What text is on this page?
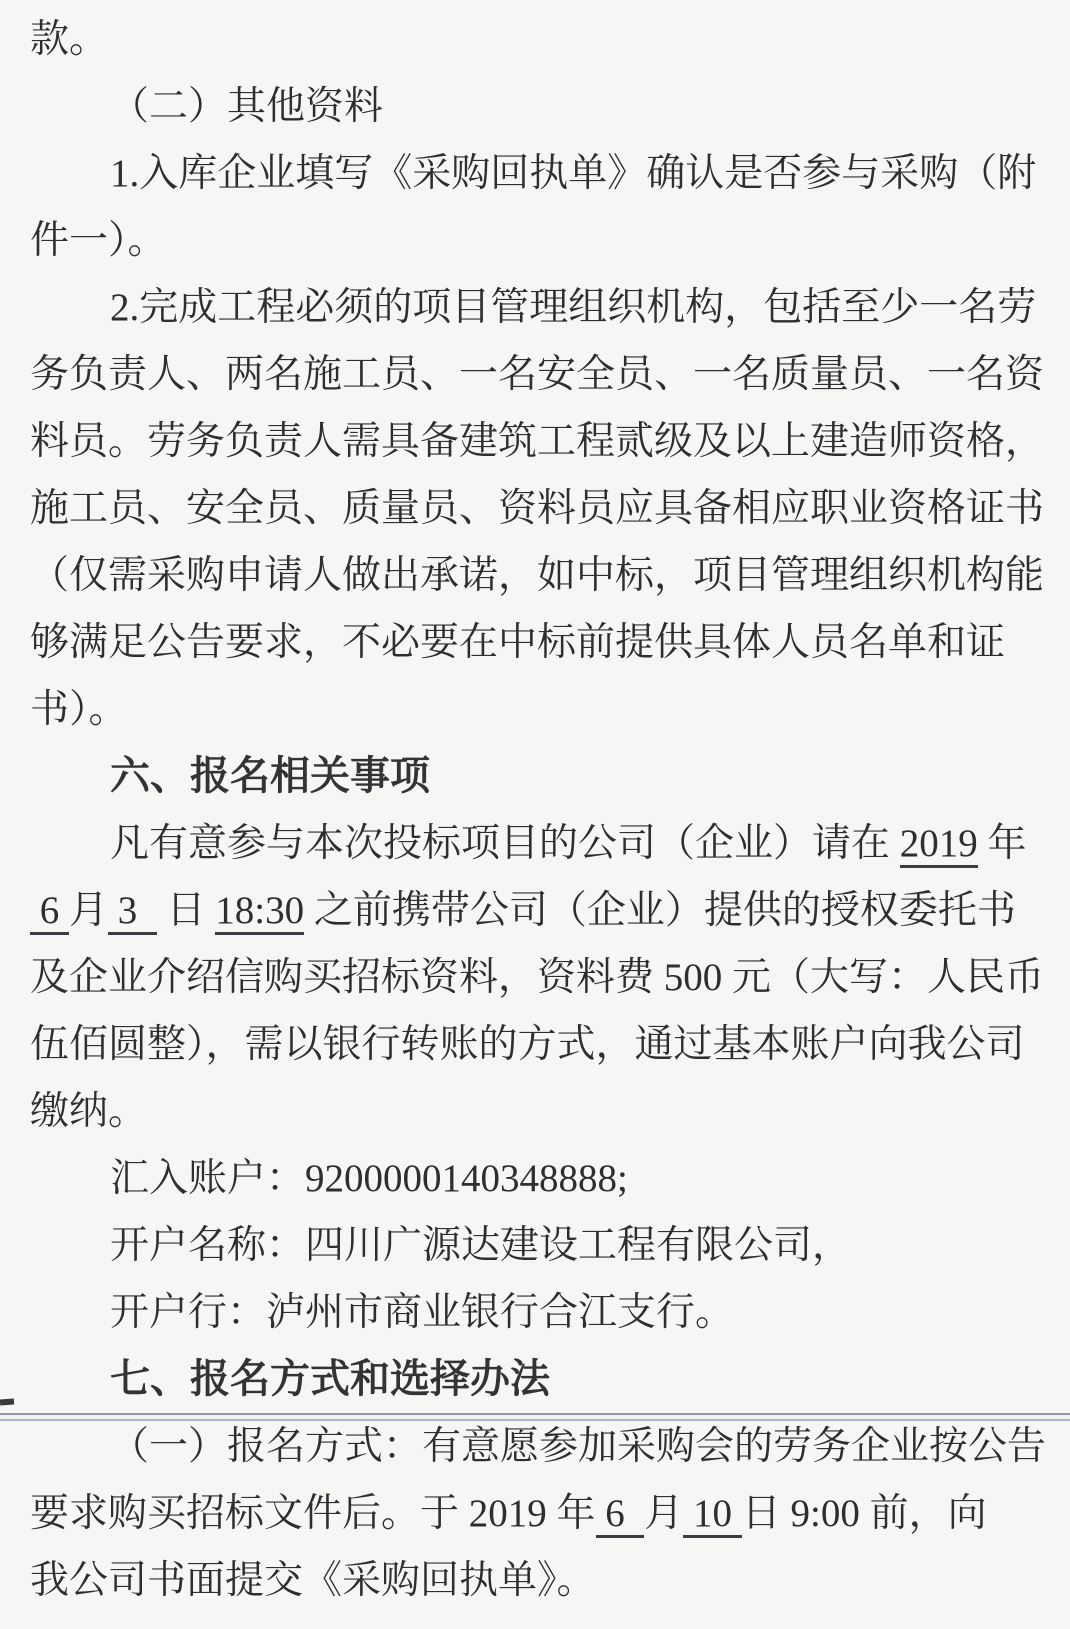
款。
（二）其他资料
1.入库企业填写《采购回执单》确认是否参与采购（附
件一）。
2.完成工程必须的项目管理组织机构，包括至少一名劳
务负责人、两名施工员、一名安全员、一名质量员、一名资
料员。劳务负责人需具备建筑工程贰级及以上建造师资格，
施工员、安全员、质量员、资料员应具备相应职业资格证书
（仅需采购申请人做出承诺，如中标，项目管理组织机构能
够满足公告要求，不必要在中标前提供具体人员名单和证
书）。
六、报名相关事项
凡有意参与本次投标项目的公司（企业）请在 2019 年
6 月 3   日 18:30 之前携带公司（企业）提供的授权委托书
及企业介绍信购买招标资料，资料费 500 元（大写：人民币
伍佰圆整），需以银行转账的方式，通过基本账户向我公司
缴纳。
汇入账户：9200000140348888;
开户名称：四川广源达建设工程有限公司，
开户行：泸州市商业银行合江支行。
七、报名方式和选择办法
（一）报名方式：有意愿参加采购会的劳务企业按公告
要求购买招标文件后。于 2019 年 6  月 10 日 9:00 前，向
我公司书面提交《采购回执单》。
